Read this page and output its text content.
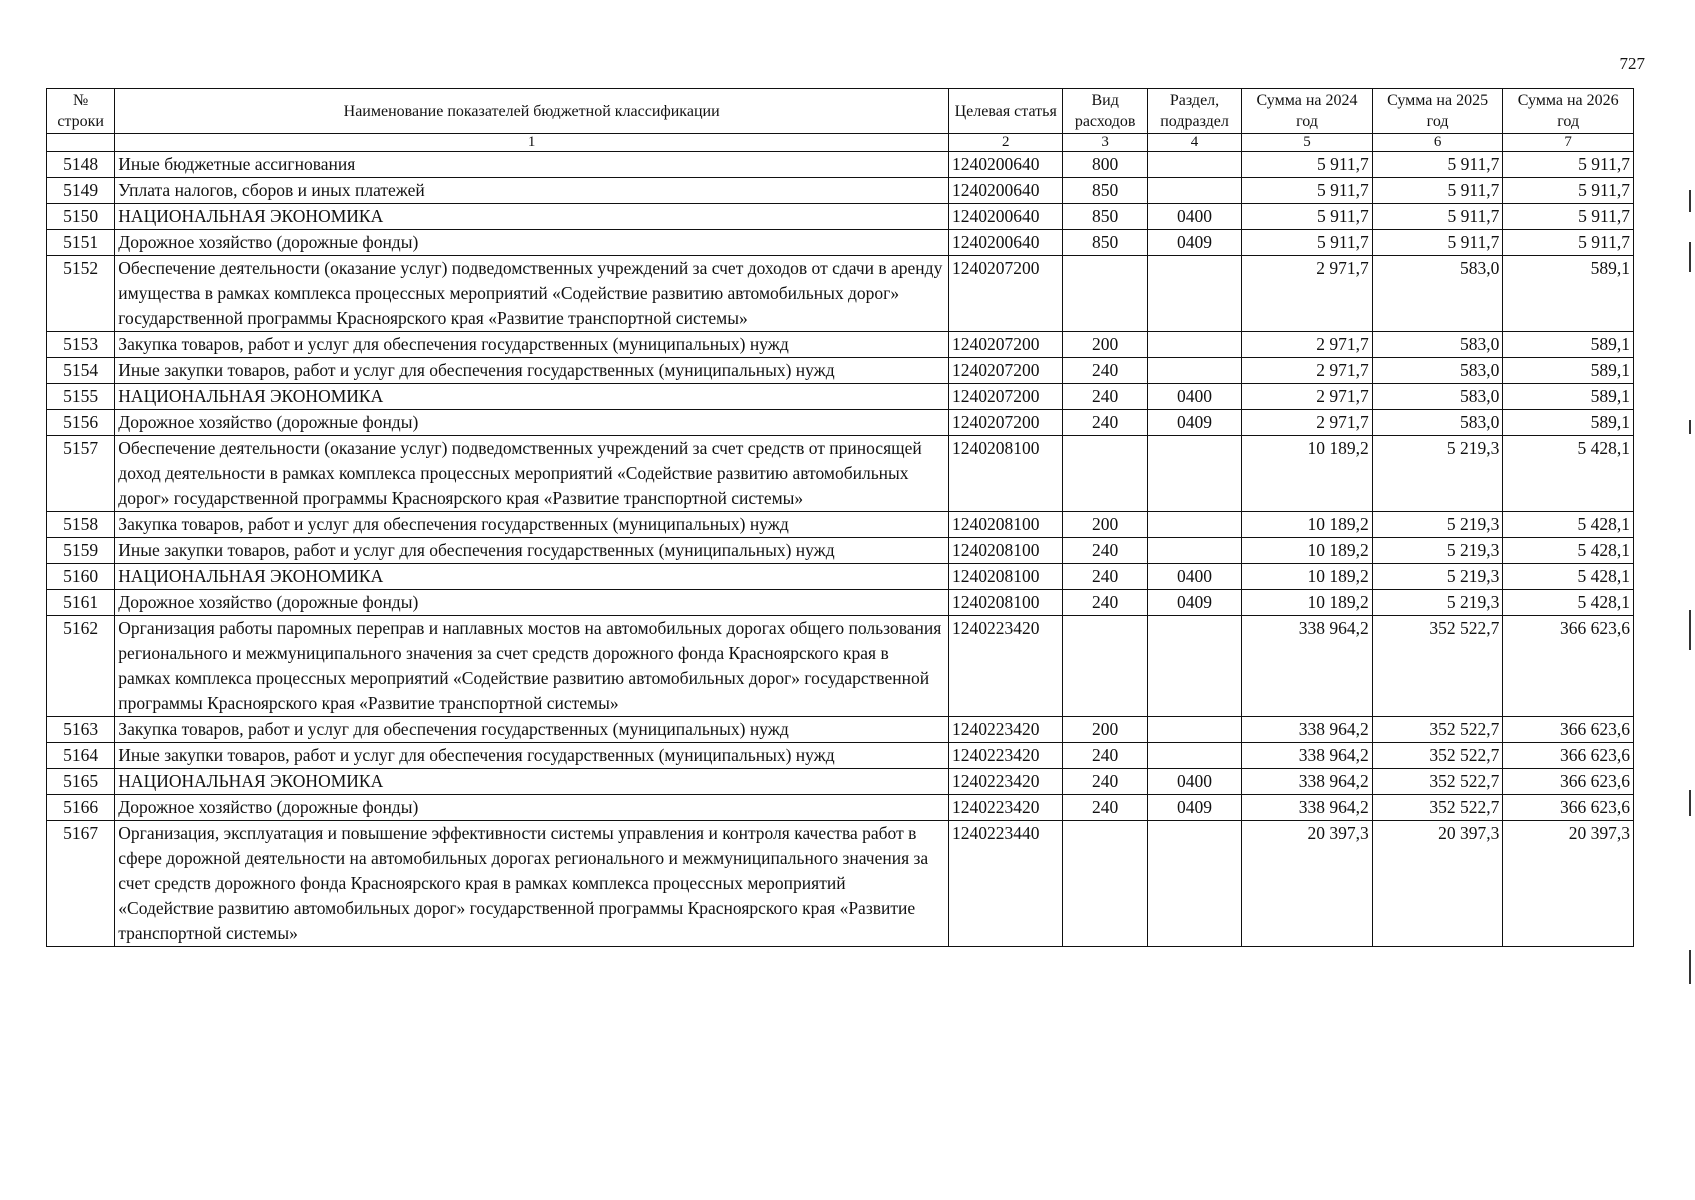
727
№ строки	Наименование показателей бюджетной классификации	Целевая статья	Вид расходов	Раздел, подраздел	Сумма на 2024 год	Сумма на 2025 год	Сумма на 2026 год
	1	2	3	4	5	6	7
5148	Иные бюджетные ассигнования	1240200640	800		5 911,7	5 911,7	5 911,7
5149	Уплата налогов, сборов и иных платежей	1240200640	850		5 911,7	5 911,7	5 911,7
5150	НАЦИОНАЛЬНАЯ ЭКОНОМИКА	1240200640	850	0400	5 911,7	5 911,7	5 911,7
5151	Дорожное хозяйство (дорожные фонды)	1240200640	850	0409	5 911,7	5 911,7	5 911,7
5152	Обеспечение деятельности (оказание услуг) подведомственных учреждений за счет доходов от сдачи в аренду имущества в рамках комплекса процессных мероприятий «Содействие развитию автомобильных дорог» государственной программы Красноярского края «Развитие транспортной системы»	1240207200			2 971,7	583,0	589,1
5153	Закупка товаров, работ и услуг для обеспечения государственных (муниципальных) нужд	1240207200	200		2 971,7	583,0	589,1
5154	Иные закупки товаров, работ и услуг для обеспечения государственных (муниципальных) нужд	1240207200	240		2 971,7	583,0	589,1
5155	НАЦИОНАЛЬНАЯ ЭКОНОМИКА	1240207200	240	0400	2 971,7	583,0	589,1
5156	Дорожное хозяйство (дорожные фонды)	1240207200	240	0409	2 971,7	583,0	589,1
5157	Обеспечение деятельности (оказание услуг) подведомственных учреждений за счет средств от приносящей доход деятельности в рамках комплекса процессных мероприятий «Содействие развитию автомобильных дорог» государственной программы Красноярского края «Развитие транспортной системы»	1240208100			10 189,2	5 219,3	5 428,1
5158	Закупка товаров, работ и услуг для обеспечения государственных (муниципальных) нужд	1240208100	200		10 189,2	5 219,3	5 428,1
5159	Иные закупки товаров, работ и услуг для обеспечения государственных (муниципальных) нужд	1240208100	240		10 189,2	5 219,3	5 428,1
5160	НАЦИОНАЛЬНАЯ ЭКОНОМИКА	1240208100	240	0400	10 189,2	5 219,3	5 428,1
5161	Дорожное хозяйство (дорожные фонды)	1240208100	240	0409	10 189,2	5 219,3	5 428,1
5162	Организация работы паромных переправ и наплавных мостов на автомобильных дорогах общего пользования регионального и межмуниципального значения за счет средств дорожного фонда Красноярского края в рамках комплекса процессных мероприятий «Содействие развитию автомобильных дорог» государственной программы Красноярского края «Развитие транспортной системы»	1240223420			338 964,2	352 522,7	366 623,6
5163	Закупка товаров, работ и услуг для обеспечения государственных (муниципальных) нужд	1240223420	200		338 964,2	352 522,7	366 623,6
5164	Иные закупки товаров, работ и услуг для обеспечения государственных (муниципальных) нужд	1240223420	240		338 964,2	352 522,7	366 623,6
5165	НАЦИОНАЛЬНАЯ ЭКОНОМИКА	1240223420	240	0400	338 964,2	352 522,7	366 623,6
5166	Дорожное хозяйство (дорожные фонды)	1240223420	240	0409	338 964,2	352 522,7	366 623,6
5167	Организация, эксплуатация и повышение эффективности системы управления и контроля качества работ в сфере дорожной деятельности на автомобильных дорогах регионального и межмуниципального значения за счет средств дорожного фонда Красноярского края в рамках комплекса процессных мероприятий «Содействие развитию автомобильных дорог» государственной программы Красноярского края «Развитие транспортной системы»	1240223440			20 397,3	20 397,3	20 397,3
